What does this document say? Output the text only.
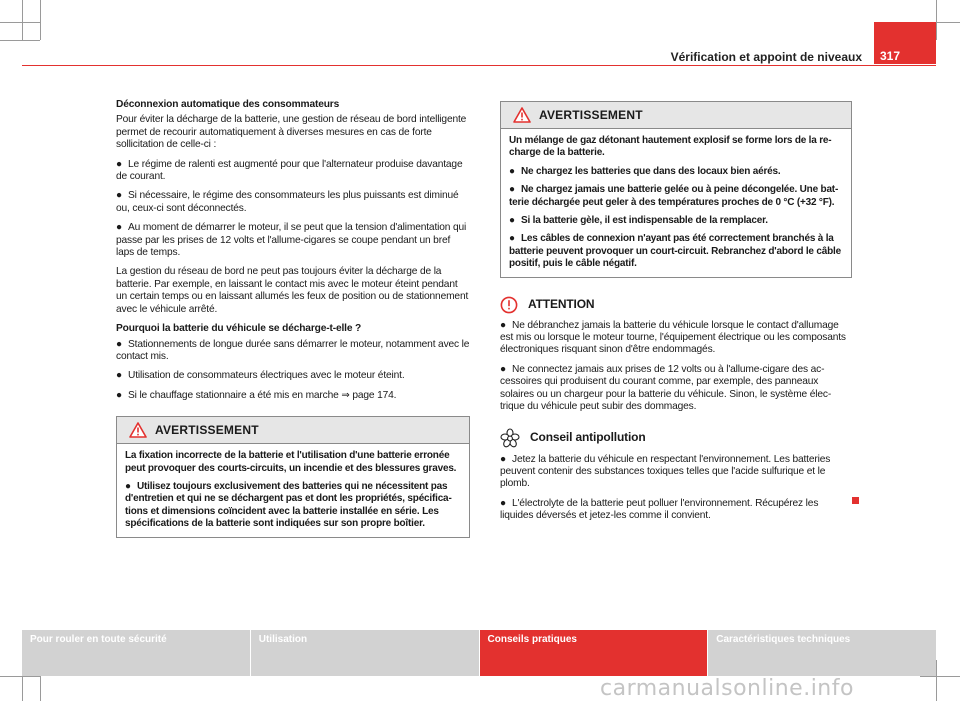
Vérification et appoint de niveaux 317

Déconnexion automatique des consommateurs

Pour éviter la décharge de la batterie, une gestion de réseau de bord intelligente permet de recourir automatiquement à diverses mesures en cas de forte sollicitation de celle-ci :

● Le régime de ralenti est augmenté pour que l'alternateur produise davantage de courant.

● Si nécessaire, le régime des consommateurs les plus puissants est diminué ou, ceux-ci sont déconnectés.

● Au moment de démarrer le moteur, il se peut que la tension d'alimentation qui passe par les prises de 12 volts et l'allume-cigares se coupe pendant un bref laps de temps.

La gestion du réseau de bord ne peut pas toujours éviter la décharge de la batterie. Par exemple, en laissant le contact mis avec le moteur éteint pendant un certain temps ou en laissant allumés les feux de position ou de stationnement avec le véhicule arrêté.

Pourquoi la batterie du véhicule se décharge-t-elle ?

● Stationnements de longue durée sans démarrer le moteur, notamment avec le contact mis.

● Utilisation de consommateurs électriques avec le moteur éteint.

● Si le chauffage stationnaire a été mis en marche ⇒ page 174.

AVERTISSEMENT

La fixation incorrecte de la batterie et l'utilisation d'une batterie erronée peut provoquer des courts-circuits, un incendie et des blessures graves.

● Utilisez toujours exclusivement des batteries qui ne nécessitent pas d'entretien et qui ne se déchargent pas et dont les propriétés, spécifications et dimensions coïncident avec la batterie installée en série. Les spécifications de la batterie sont indiquées sur son propre boîtier.

AVERTISSEMENT

Un mélange de gaz détonant hautement explosif se forme lors de la recharge de la batterie.

● Ne chargez les batteries que dans des locaux bien aérés.

● Ne chargez jamais une batterie gelée ou à peine décongelée. Une batterie déchargée peut geler à des températures proches de 0 °C (+32 °F).

● Si la batterie gèle, il est indispensable de la remplacer.

● Les câbles de connexion n'ayant pas été correctement branchés à la batterie peuvent provoquer un court-circuit. Rebranchez d'abord le câble positif, puis le câble négatif.

ATTENTION

● Ne débranchez jamais la batterie du véhicule lorsque le contact d'allumage est mis ou lorsque le moteur tourne, l'équipement électrique ou les composants électroniques risquant sinon d'être endommagés.

● Ne connectez jamais aux prises de 12 volts ou à l'allume-cigare des accessoires qui produisent du courant comme, par exemple, des panneaux solaires ou un chargeur pour la batterie du véhicule. Sinon, le système électrique du véhicule peut subir des dommages.

Conseil antipollution

● Jetez la batterie du véhicule en respectant l'environnement. Les batteries peuvent contenir des substances toxiques telles que l'acide sulfurique et le plomb.

● L'électrolyte de la batterie peut polluer l'environnement. Récupérez les liquides déversés et jetez-les comme il convient.

Pour rouler en toute sécurité	Utilisation	Conseils pratiques	Caractéristiques techniques
carmanualsonline.info
